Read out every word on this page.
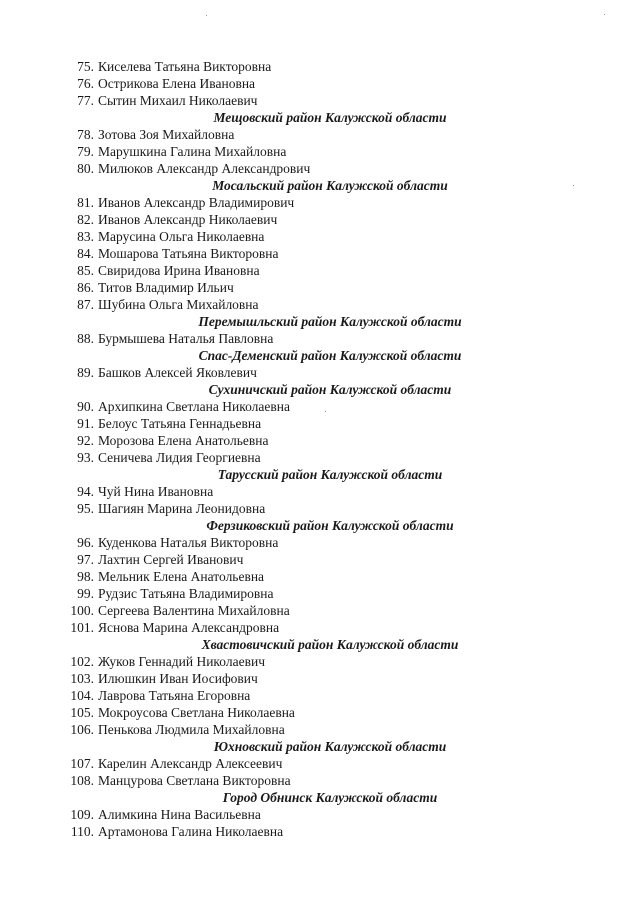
75. Киселева Татьяна Викторовна
76. Острикова Елена Ивановна
77. Сытин Михаил Николаевич
Мещовский район Калужской области
78. Зотова Зоя Михайловна
79. Марушкина Галина Михайловна
80. Милюков Александр Александрович
Мосальский район Калужской области
81. Иванов Александр Владимирович
82. Иванов Александр Николаевич
83. Марусина Ольга Николаевна
84. Мошарова Татьяна Викторовна
85. Свиридова Ирина Ивановна
86. Титов Владимир Ильич
87. Шубина Ольга Михайловна
Перемышльский район Калужской области
88. Бурмышева Наталья Павловна
Спас-Деменский район Калужской области
89. Башков Алексей Яковлевич
Сухиничский район Калужской области
90. Архипкина Светлана Николаевна
91. Белоус Татьяна Геннадьевна
92. Морозова Елена Анатольевна
93. Сеничева Лидия Георгиевна
Тарусский район Калужской области
94. Чуй Нина Ивановна
95. Шагиян Марина Леонидовна
Ферзиковский район Калужской области
96. Куденкова Наталья Викторовна
97. Лахтин Сергей Иванович
98. Мельник Елена Анатольевна
99. Рудзис Татьяна Владимировна
100. Сергеева Валентина Михайловна
101. Яснова Марина Александровна
Хвастовичский район Калужской области
102. Жуков Геннадий Николаевич
103. Илюшкин Иван Иосифович
104. Лаврова Татьяна Егоровна
105. Мокроусова Светлана Николаевна
106. Пенькова Людмила Михайловна
Юхновский район Калужской области
107. Карелин Александр Алексеевич
108. Манцурова Светлана Викторовна
Город Обнинск Калужской области
109. Алимкина Нина Васильевна
110. Артамонова Галина Николаевна
